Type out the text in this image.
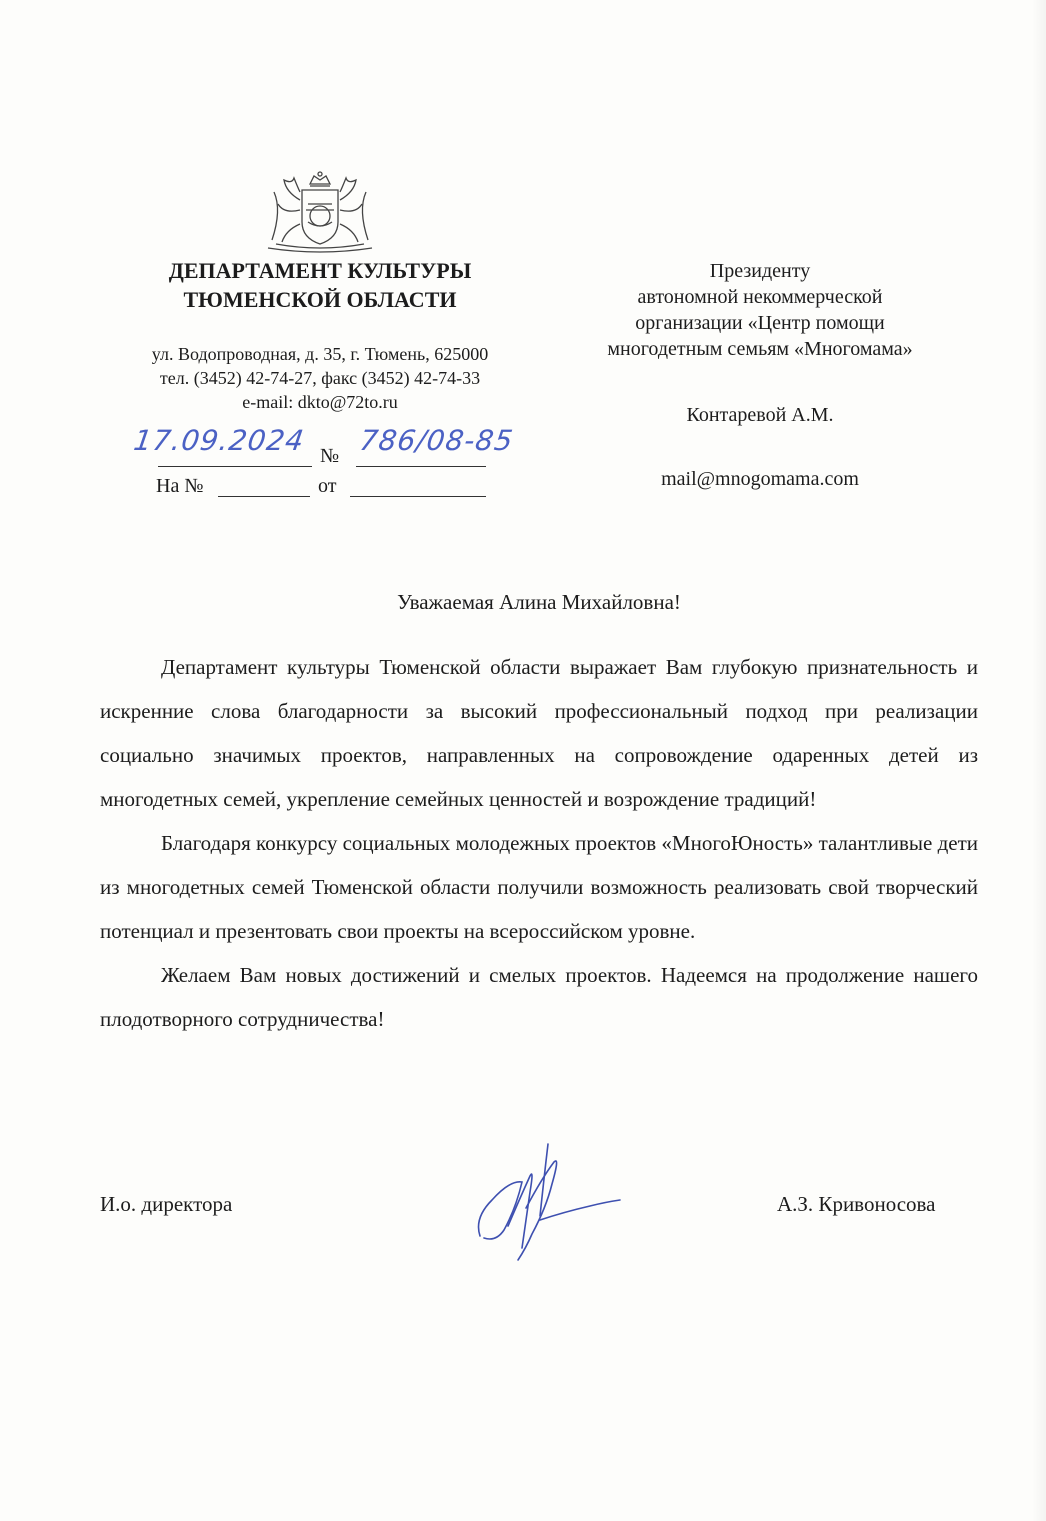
ДЕПАРТАМЕНТ КУЛЬТУРЫ
ТЮМЕНСКОЙ ОБЛАСТИ
ул. Водопроводная, д. 35, г. Тюмень, 625000
тел. (3452) 42-74-27, факс (3452) 42-74-33
e-mail: dkto@72to.ru
17.09.2024 № 786/08-85
На №	от
Президенту
автономной некоммерческой
организации «Центр помощи
многодетным семьям «Многомама»
Контаревой А.М.
mail@mnogomama.com
Уважаемая Алина Михайловна!

Департамент культуры Тюменской области выражает Вам глубокую признательность и искренние слова благодарности за высокий профессиональный подход при реализации социально значимых проектов, направленных на сопровождение одаренных детей из многодетных семей, укрепление семейных ценностей и возрождение традиций!

Благодаря конкурсу социальных молодежных проектов «МногоЮность» талантливые дети из многодетных семей Тюменской области получили возможность реализовать свой творческий потенциал и презентовать свои проекты на всероссийском уровне.

Желаем Вам новых достижений и смелых проектов. Надеемся на продолжение нашего плодотворного сотрудничества!

И.о. директора	А.З. Кривоносова
